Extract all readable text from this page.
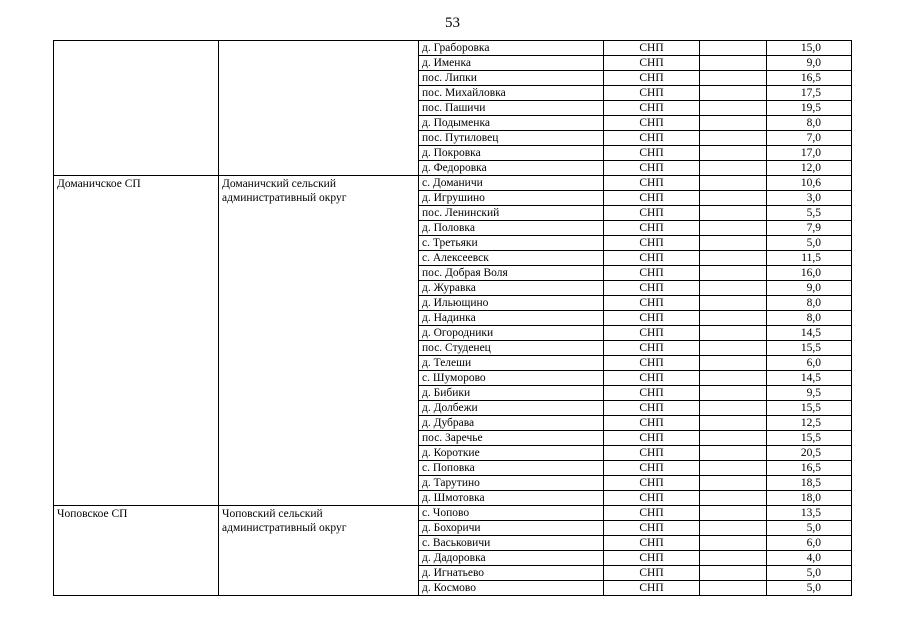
53
		д. Граборовка	СНП		15,0
		д. Именка	СНП		9,0
		пос. Липки	СНП		16,5
		пос. Михайловка	СНП		17,5
		пос. Пашичи	СНП		19,5
		д. Подыменка	СНП		8,0
		пос. Путиловец	СНП		7,0
		д. Покровка	СНП		17,0
		д. Федоровка	СНП		12,0
Доманичское СП	Доманичский сельский административный округ	с. Доманичи	СНП		10,6
		д. Игрушино	СНП		3,0
		пос. Ленинский	СНП		5,5
		д. Половка	СНП		7,9
		с. Третьяки	СНП		5,0
		с. Алексеевск	СНП		11,5
		пос. Добрая Воля	СНП		16,0
		д. Журавка	СНП		9,0
		д. Ильющино	СНП		8,0
		д. Надинка	СНП		8,0
		д. Огородники	СНП		14,5
		пос. Студенец	СНП		15,5
		д. Телеши	СНП		6,0
		с. Шуморово	СНП		14,5
		д. Бибики	СНП		9,5
		д. Долбежи	СНП		15,5
		д. Дубрава	СНП		12,5
		пос. Заречье	СНП		15,5
		д. Короткие	СНП		20,5
		с. Поповка	СНП		16,5
		д. Тарутино	СНП		18,5
		д. Шмотовка	СНП		18,0
Чоповское СП	Чоповский сельский административный округ	с. Чопово	СНП		13,5
		д. Бохоричи	СНП		5,0
		с. Васьковичи	СНП		6,0
		д. Дадоровка	СНП		4,0
		д. Игнатьево	СНП		5,0
		д. Космово	СНП		5,0
